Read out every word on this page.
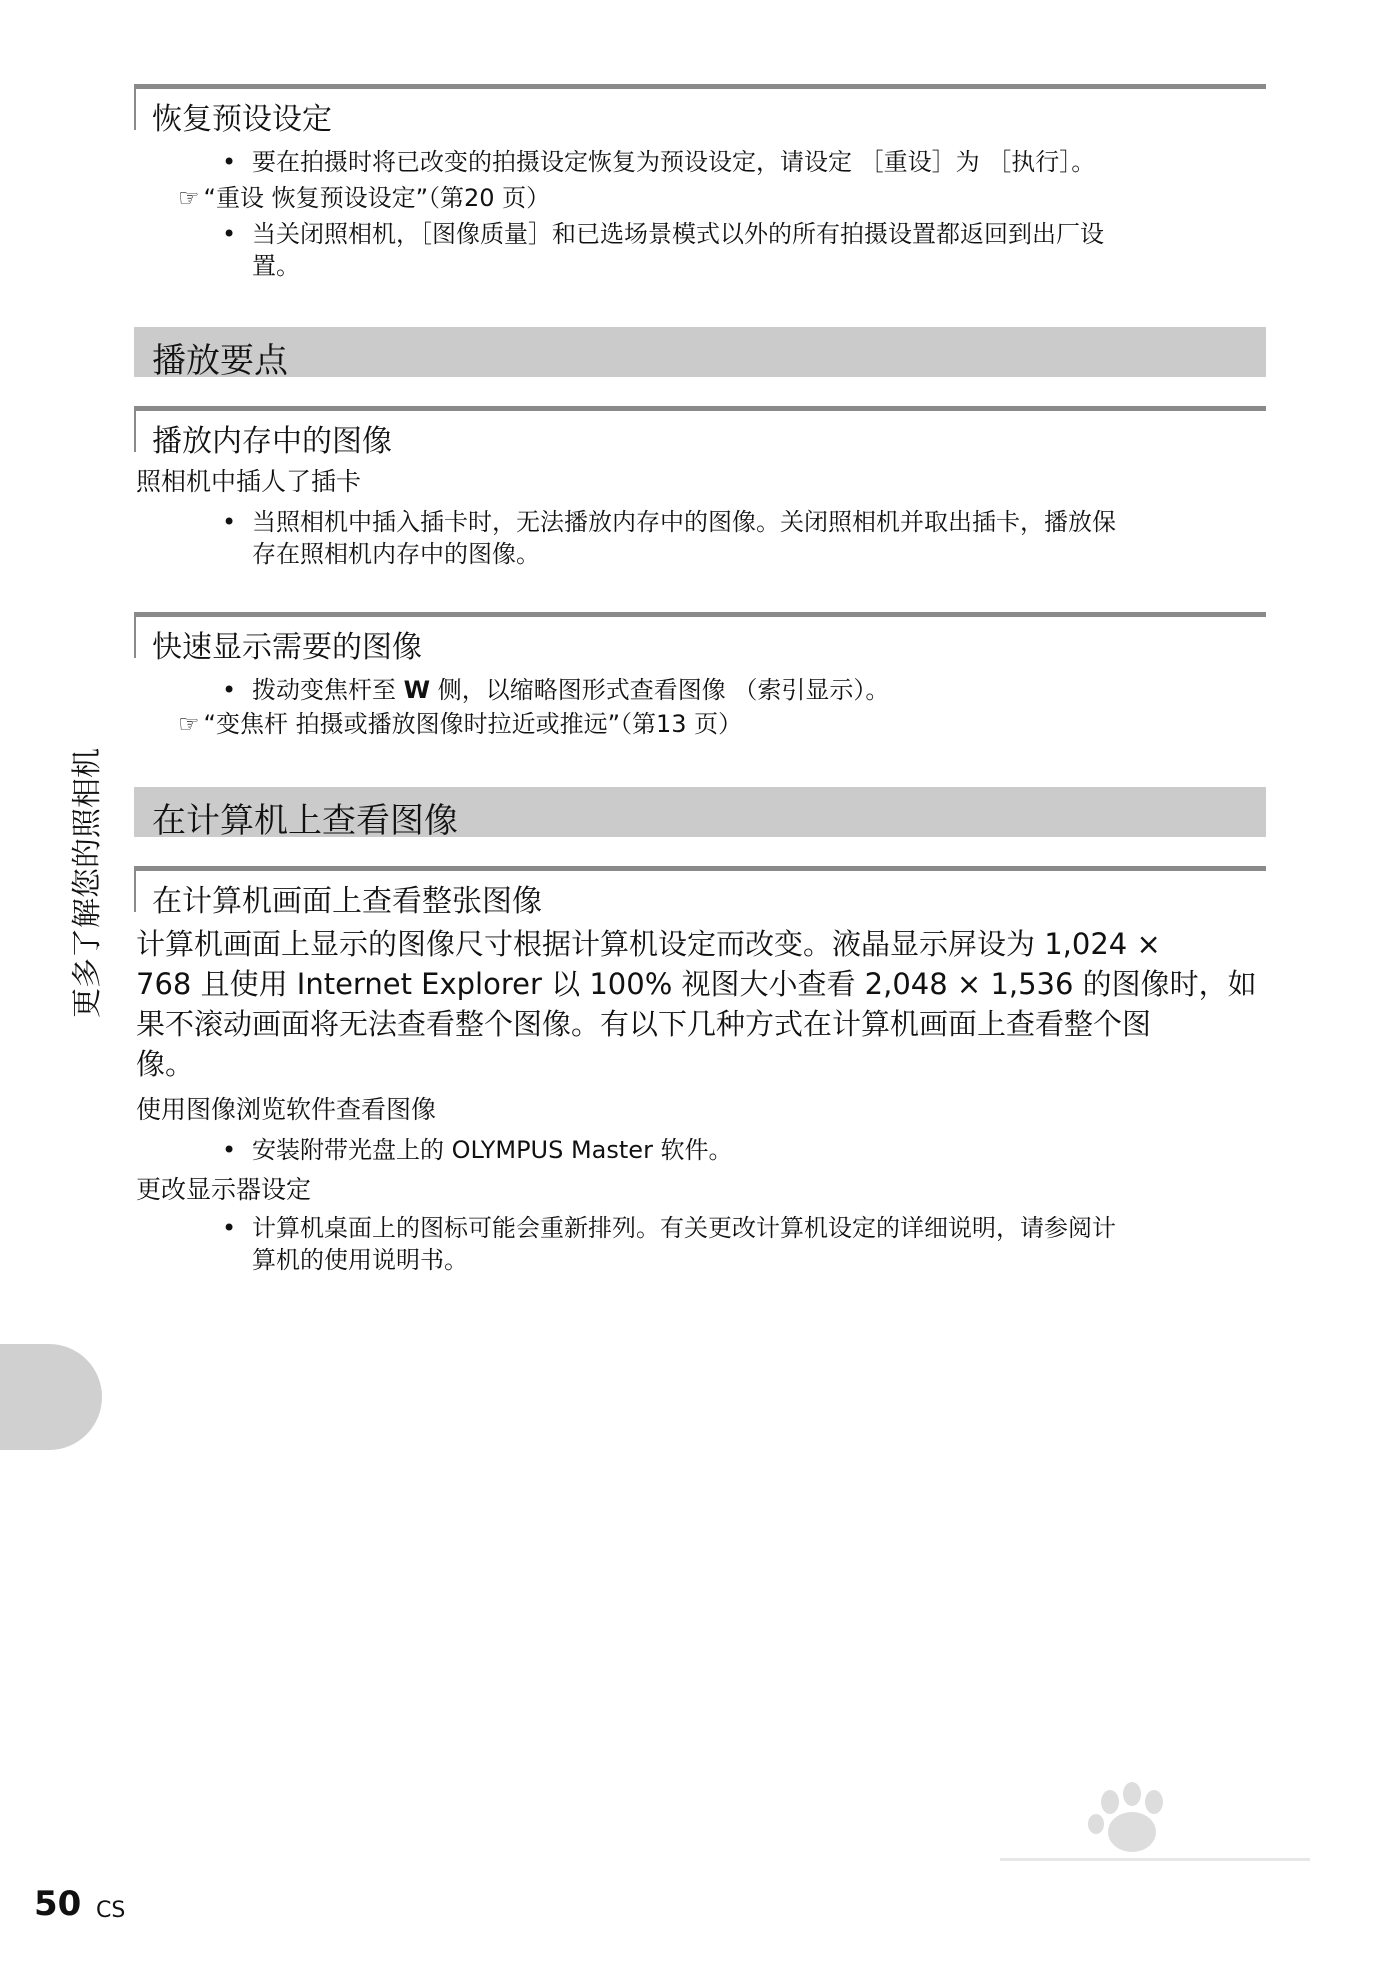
恢复预设设定
• 要在拍摄时将已改变的拍摄设定恢复为预设设定，请设定 ［重设］为 ［执行］。
☞ “重设 恢复预设设定”（第20 页）
• 当关闭照相机，［图像质量］和已选场景模式以外的所有拍摄设置都返回到出厂设
置。
播放要点
播放内存中的图像
照相机中插人了插卡
• 当照相机中插入插卡时，无法播放内存中的图像。关闭照相机并取出插卡，播放保
存在照相机内存中的图像。
快速显示需要的图像
• 拨动变焦杆至 W 侧，以缩略图形式查看图像 （索引显示）。
☞ “变焦杆 拍摄或播放图像时拉近或推远”（第13 页）
在计算机上查看图像
在计算机画面上查看整张图像
计算机画面上显示的图像尺寸根据计算机设定而改变。液晶显示屏设为 1,024 ×
768 且使用 Internet Explorer 以 100% 视图大小查看 2,048 × 1,536 的图像时，如
果不滚动画面将无法查看整个图像。有以下几种方式在计算机画面上查看整个图
像。
使用图像浏览软件查看图像
• 安装附带光盘上的 OLYMPUS Master 软件。
更改显示器设定
• 计算机桌面上的图标可能会重新排列。有关更改计算机设定的详细说明，请参阅计
算机的使用说明书。
更多了解您的照相机
50 CS
